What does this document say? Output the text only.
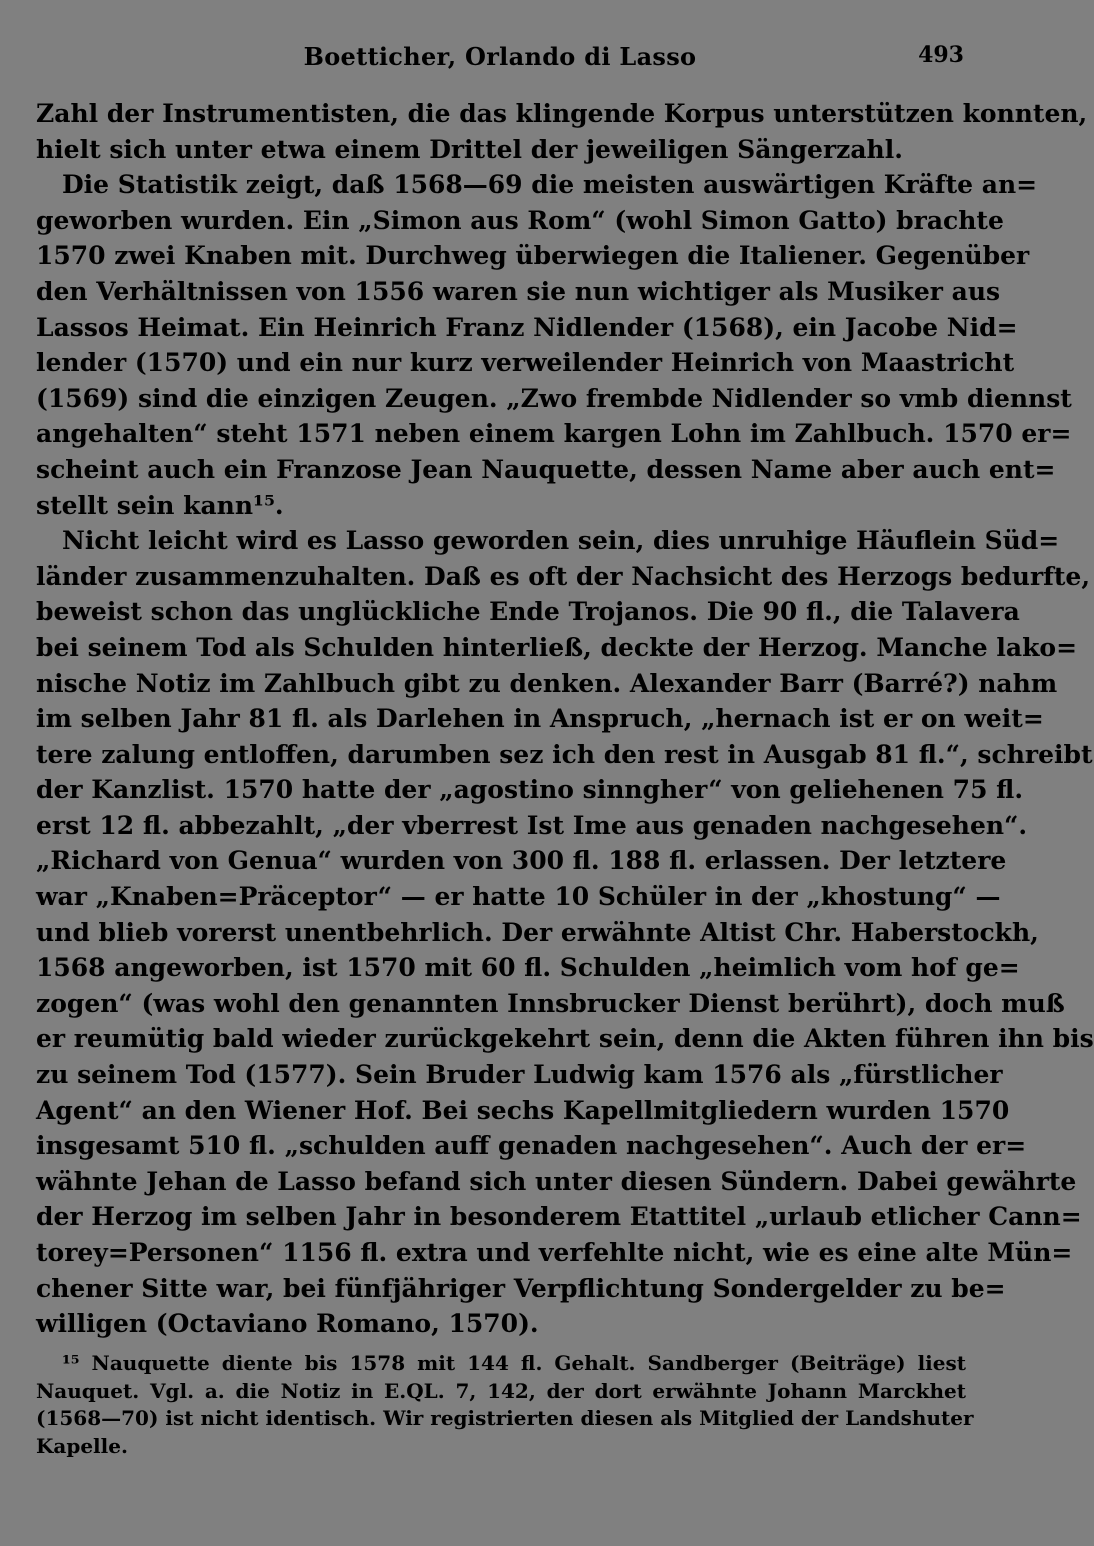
Boetticher, Orlando di Lasso	493
Zahl der Instrumentisten, die das klingende Korpus unterstützen konnten,
hielt sich unter etwa einem Drittel der jeweiligen Sängerzahl.
Die Statistik zeigt, daß 1568—69 die meisten auswärtigen Kräfte an=
geworben wurden. Ein „Simon aus Rom“ (wohl Simon Gatto) brachte
1570 zwei Knaben mit. Durchweg überwiegen die Italiener. Gegenüber
den Verhältnissen von 1556 waren sie nun wichtiger als Musiker aus
Lassos Heimat. Ein Heinrich Franz Nidlender (1568), ein Jacobe Nid=
lender (1570) und ein nur kurz verweilender Heinrich von Maastricht
(1569) sind die einzigen Zeugen. „Zwo frembde Nidlender so vmb diennst
angehalten“ steht 1571 neben einem kargen Lohn im Zahlbuch. 1570 er=
scheint auch ein Franzose Jean Nauquette, dessen Name aber auch ent=
stellt sein kann¹⁵.
Nicht leicht wird es Lasso geworden sein, dies unruhige Häuflein Süd=
länder zusammenzuhalten. Daß es oft der Nachsicht des Herzogs bedurfte,
beweist schon das unglückliche Ende Trojanos. Die 90 fl., die Talavera
bei seinem Tod als Schulden hinterließ, deckte der Herzog. Manche lako=
nische Notiz im Zahlbuch gibt zu denken. Alexander Barr (Barré?) nahm
im selben Jahr 81 fl. als Darlehen in Anspruch, „hernach ist er on weit=
tere zalung entloffen, darumben sez ich den rest in Ausgab 81 fl.“, schreibt
der Kanzlist. 1570 hatte der „agostino sinngher“ von geliehenen 75 fl.
erst 12 fl. abbezahlt, „der vberrest Ist Ime aus genaden nachgesehen“.
„Richard von Genua“ wurden von 300 fl. 188 fl. erlassen. Der letztere
war „Knaben=Präceptor“ — er hatte 10 Schüler in der „khostung“ —
und blieb vorerst unentbehrlich. Der erwähnte Altist Chr. Haberstockh,
1568 angeworben, ist 1570 mit 60 fl. Schulden „heimlich vom hof ge=
zogen“ (was wohl den genannten Innsbrucker Dienst berührt), doch muß
er reumütig bald wieder zurückgekehrt sein, denn die Akten führen ihn bis
zu seinem Tod (1577). Sein Bruder Ludwig kam 1576 als „fürstlicher
Agent“ an den Wiener Hof. Bei sechs Kapellmitgliedern wurden 1570
insgesamt 510 fl. „schulden auff genaden nachgesehen“. Auch der er=
wähnte Jehan de Lasso befand sich unter diesen Sündern. Dabei gewährte
der Herzog im selben Jahr in besonderem Etattitel „urlaub etlicher Cann=
torey=Personen“ 1156 fl. extra und verfehlte nicht, wie es eine alte Mün=
chener Sitte war, bei fünfjähriger Verpflichtung Sondergelder zu be=
willigen (Octaviano Romano, 1570).
¹⁵ Nauquette diente bis 1578 mit 144 fl. Gehalt. Sandberger (Beiträge) liest
Nauquet. Vgl. a. die Notiz in E.QL. 7, 142, der dort erwähnte Johann Marckhet
(1568—70) ist nicht identisch. Wir registrierten diesen als Mitglied der Landshuter
Kapelle.
